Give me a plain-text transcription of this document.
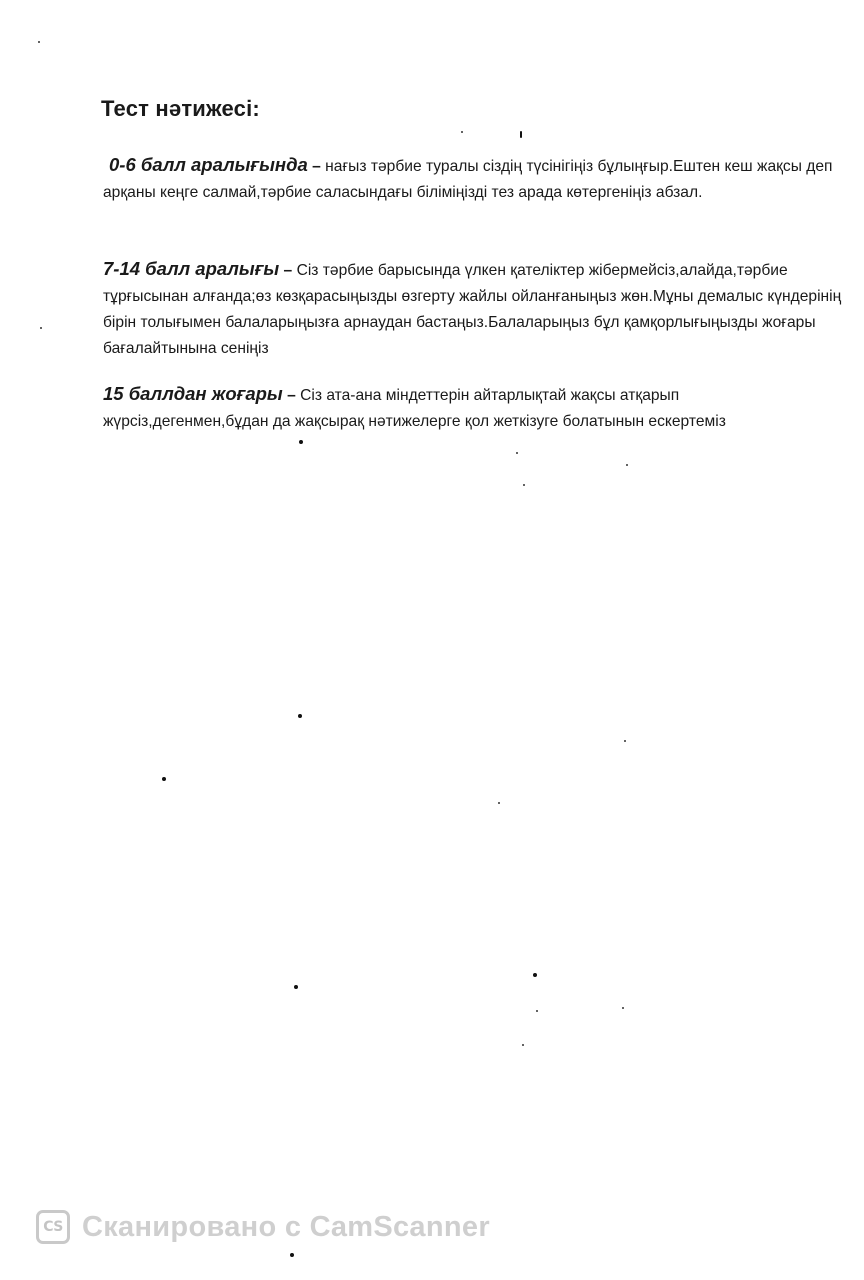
Тест нәтижесі:

0-6 балл аралығында – нағыз тәрбие туралы сіздің түсінігіңіз бұлыңғыр.Ештен кеш жақсы деп арқаны кеңге салмай,тәрбие саласындағы біліміңізді тез арада көтергеніңіз абзал.

7-14 балл аралығы – Сіз тәрбие барысында үлкен қателіктер жібермейсіз,алайда,тәрбие тұрғысынан алғанда;өз көзқарасыңызды өзгерту жайлы ойланғаныңыз жөн.Мұны демалыс күндерінің бірін толығымен балаларыңызға арнаудан бастаңыз.Балаларыңыз бұл қамқорлығыңызды жоғары бағалайтынына сеніңіз

15 баллдан жоғары – Сіз ата-ана міндеттерін айтарлықтай жақсы атқарып жүрсіз,дегенмен,бұдан да жақсырақ нәтижелерге қол жеткізуге болатынын ескертеміз

CS Сканировано с CamScanner
